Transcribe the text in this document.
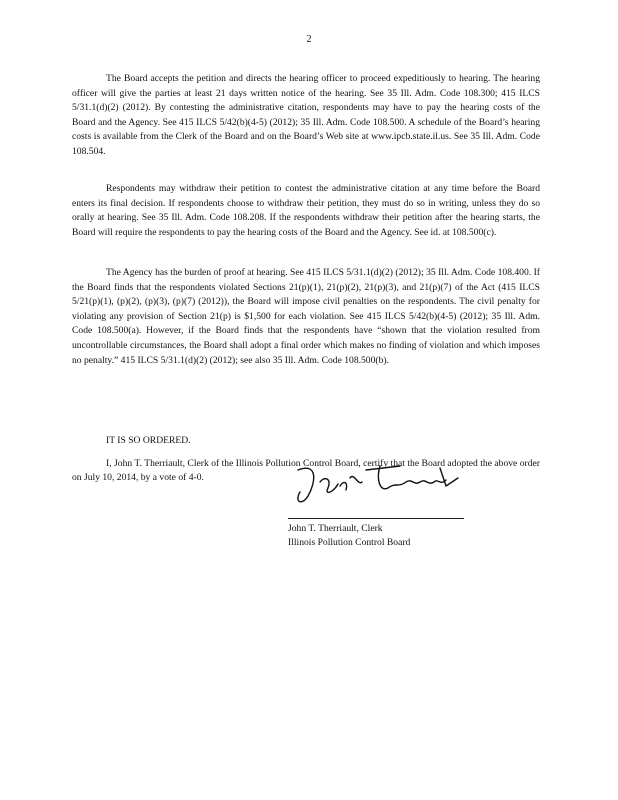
2

The Board accepts the petition and directs the hearing officer to proceed expeditiously to hearing. The hearing officer will give the parties at least 21 days written notice of the hearing. See 35 Ill. Adm. Code 108.300; 415 ILCS 5/31.1(d)(2) (2012). By contesting the administrative citation, respondents may have to pay the hearing costs of the Board and the Agency. See 415 ILCS 5/42(b)(4-5) (2012); 35 Ill. Adm. Code 108.500. A schedule of the Board’s hearing costs is available from the Clerk of the Board and on the Board’s Web site at www.ipcb.state.il.us. See 35 Ill. Adm. Code 108.504.

Respondents may withdraw their petition to contest the administrative citation at any time before the Board enters its final decision. If respondents choose to withdraw their petition, they must do so in writing, unless they do so orally at hearing. See 35 Ill. Adm. Code 108.208. If the respondents withdraw their petition after the hearing starts, the Board will require the respondents to pay the hearing costs of the Board and the Agency. See id. at 108.500(c).

The Agency has the burden of proof at hearing. See 415 ILCS 5/31.1(d)(2) (2012); 35 Ill. Adm. Code 108.400. If the Board finds that the respondents violated Sections 21(p)(1), 21(p)(2), 21(p)(3), and 21(p)(7) of the Act (415 ILCS 5/21(p)(1), (p)(2), (p)(3), (p)(7) (2012)), the Board will impose civil penalties on the respondents. The civil penalty for violating any provision of Section 21(p) is $1,500 for each violation. See 415 ILCS 5/42(b)(4-5) (2012); 35 Ill. Adm. Code 108.500(a). However, if the Board finds that the respondents have “shown that the violation resulted from uncontrollable circumstances, the Board shall adopt a final order which makes no finding of violation and which imposes no penalty.” 415 ILCS 5/31.1(d)(2) (2012); see also 35 Ill. Adm. Code 108.500(b).

IT IS SO ORDERED.

I, John T. Therriault, Clerk of the Illinois Pollution Control Board, certify that the Board adopted the above order on July 10, 2014, by a vote of 4-0.

John T. Therriault, Clerk
Illinois Pollution Control Board
